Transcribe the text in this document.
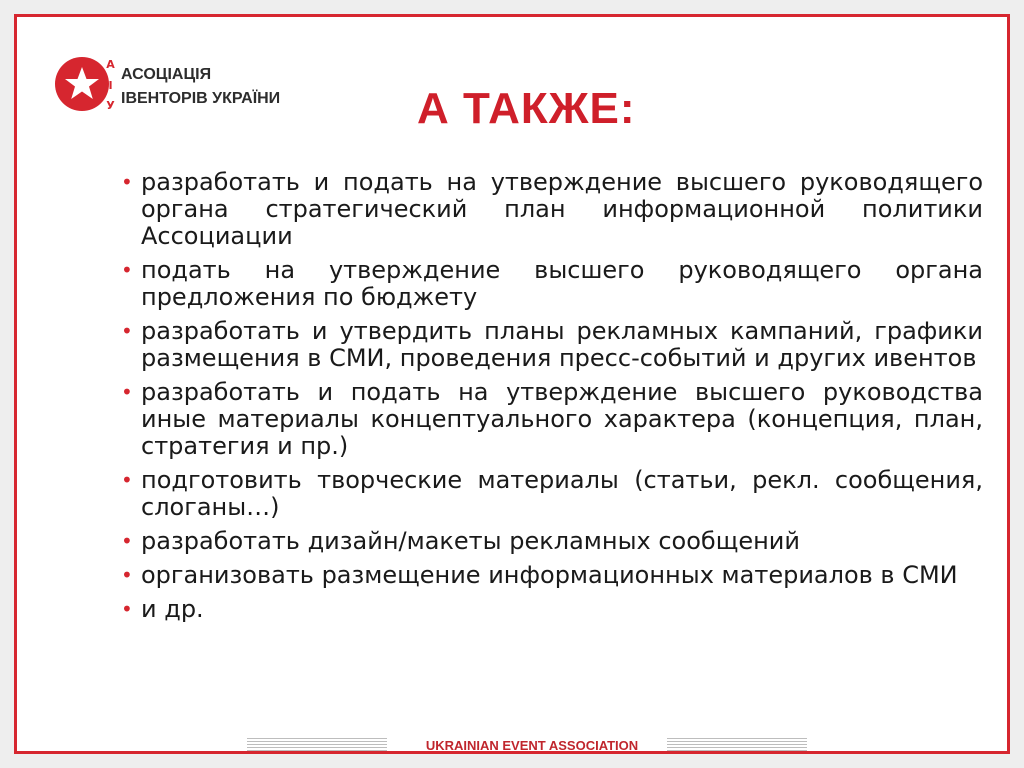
А
І
У
АСОЦІАЦІЯ
ІВЕНТОРІВ УКРАЇНИ	А ТАКЖЕ:
• разработать и подать на утверждение высшего руководящего органа стратегический план информационной политики Ассоциации
• подать на утверждение высшего руководящего органа предложения по бюджету
• разработать и утвердить планы рекламных кампаний, графики размещения в СМИ, проведения пресс-событий и других ивентов
• разработать и подать на утверждение высшего руководства иные материалы концептуального характера (концепция, план, стратегия и пр.)
• подготовить творческие материалы (статьи, рекл. сообщения, слоганы…)
• разработать дизайн/макеты рекламных сообщений
• организовать размещение информационных материалов в СМИ
• и др.
UKRAINIAN EVENT ASSOCIATION
